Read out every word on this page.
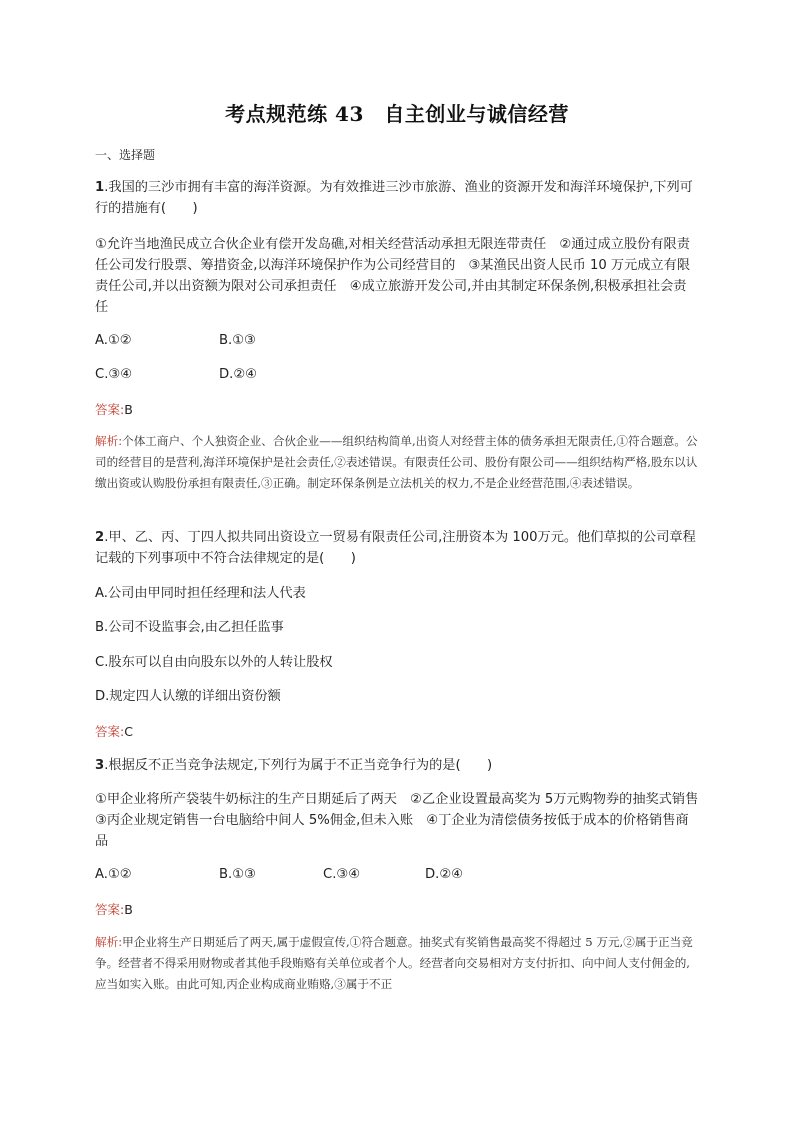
考点规范练 43　自主创业与诚信经营
一、选择题
1.我国的三沙市拥有丰富的海洋资源。为有效推进三沙市旅游、渔业的资源开发和海洋环境保护,下列可行的措施有(　　)
①允许当地渔民成立合伙企业有偿开发岛礁,对相关经营活动承担无限连带责任　②通过成立股份有限责任公司发行股票、筹措资金,以海洋环境保护作为公司经营目的　③某渔民出资人民币 10 万元成立有限责任公司,并以出资额为限对公司承担责任　④成立旅游开发公司,并由其制定环保条例,积极承担社会责任
A.①②	B.①③
C.③④	D.②④
答案:B
解析:个体工商户、个人独资企业、合伙企业——组织结构简单,出资人对经营主体的债务承担无限责任,①符合题意。公司的经营目的是营利,海洋环境保护是社会责任,②表述错误。有限责任公司、股份有限公司——组织结构严格,股东以认缴出资或认购股份承担有限责任,③正确。制定环保条例是立法机关的权力,不是企业经营范围,④表述错误。
2.甲、乙、丙、丁四人拟共同出资设立一贸易有限责任公司,注册资本为 100万元。他们草拟的公司章程记载的下列事项中不符合法律规定的是(　　)
A.公司由甲同时担任经理和法人代表
B.公司不设监事会,由乙担任监事
C.股东可以自由向股东以外的人转让股权
D.规定四人认缴的详细出资份额
答案:C
3.根据反不正当竞争法规定,下列行为属于不正当竞争行为的是(　　)
①甲企业将所产袋装牛奶标注的生产日期延后了两天　②乙企业设置最高奖为 5万元购物券的抽奖式销售　③丙企业规定销售一台电脑给中间人 5%佣金,但未入账　④丁企业为清偿债务按低于成本的价格销售商品
A.①②	B.①③	C.③④	D.②④
答案:B
解析:甲企业将生产日期延后了两天,属于虚假宣传,①符合题意。抽奖式有奖销售最高奖不得超过 5 万元,②属于正当竞争。经营者不得采用财物或者其他手段贿赂有关单位或者个人。经营者向交易相对方支付折扣、向中间人支付佣金的,应当如实入账。由此可知,丙企业构成商业贿赂,③属于不正
